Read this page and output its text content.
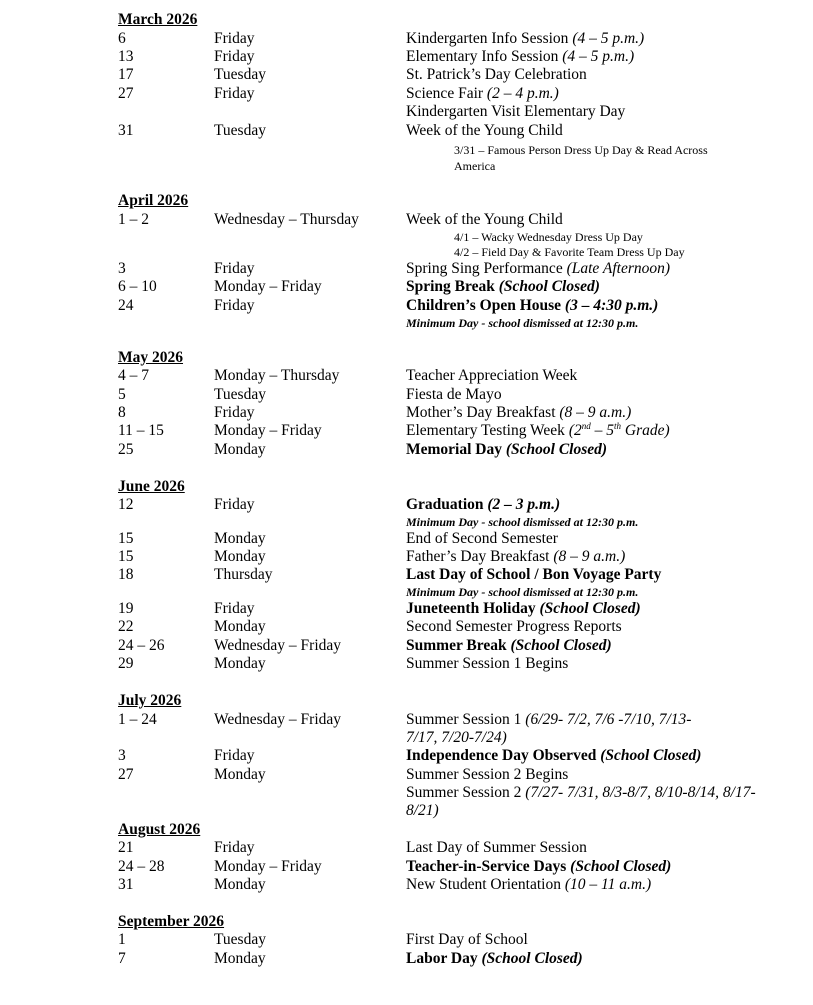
March 2026
6	Friday	Kindergarten Info Session (4 – 5 p.m.)
13	Friday	Elementary Info Session (4 – 5 p.m.)
17	Tuesday	St. Patrick’s Day Celebration
27	Friday	Science Fair (2 – 4 p.m.)
Kindergarten Visit Elementary Day
31	Tuesday	Week of the Young Child
3/31 – Famous Person Dress Up Day & Read Across
America
April 2026
1 – 2	Wednesday – Thursday	Week of the Young Child
4/1 – Wacky Wednesday Dress Up Day
4/2 – Field Day & Favorite Team Dress Up Day
3	Friday	Spring Sing Performance (Late Afternoon)
6 – 10	Monday – Friday	Spring Break (School Closed)
24	Friday	Children’s Open House (3 – 4:30 p.m.)
Minimum Day - school dismissed at 12:30 p.m.
May 2026
4 – 7	Monday – Thursday	Teacher Appreciation Week
5	Tuesday	Fiesta de Mayo
8	Friday	Mother’s Day Breakfast (8 – 9 a.m.)
11 – 15	Monday – Friday	Elementary Testing Week (2nd – 5th Grade)
25	Monday	Memorial Day (School Closed)
June 2026
12	Friday	Graduation (2 – 3 p.m.)
Minimum Day - school dismissed at 12:30 p.m.
15	Monday	End of Second Semester
15	Monday	Father’s Day Breakfast (8 – 9 a.m.)
18	Thursday	Last Day of School / Bon Voyage Party
Minimum Day - school dismissed at 12:30 p.m.
19	Friday	Juneteenth Holiday (School Closed)
22	Monday	Second Semester Progress Reports
24 – 26	Wednesday – Friday	Summer Break (School Closed)
29	Monday	Summer Session 1 Begins
July 2026
1 – 24	Wednesday – Friday	Summer Session 1 (6/29- 7/2, 7/6 -7/10, 7/13-
7/17, 7/20-7/24)
3	Friday	Independence Day Observed (School Closed)
27	Monday	Summer Session 2 Begins
Summer Session 2 (7/27- 7/31, 8/3-8/7, 8/10-8/14, 8/17-
8/21)
August 2026
21	Friday	Last Day of Summer Session
24 – 28	Monday – Friday	Teacher-in-Service Days (School Closed)
31	Monday	New Student Orientation (10 – 11 a.m.)
September 2026
1	Tuesday	First Day of School
7	Monday	Labor Day (School Closed)
